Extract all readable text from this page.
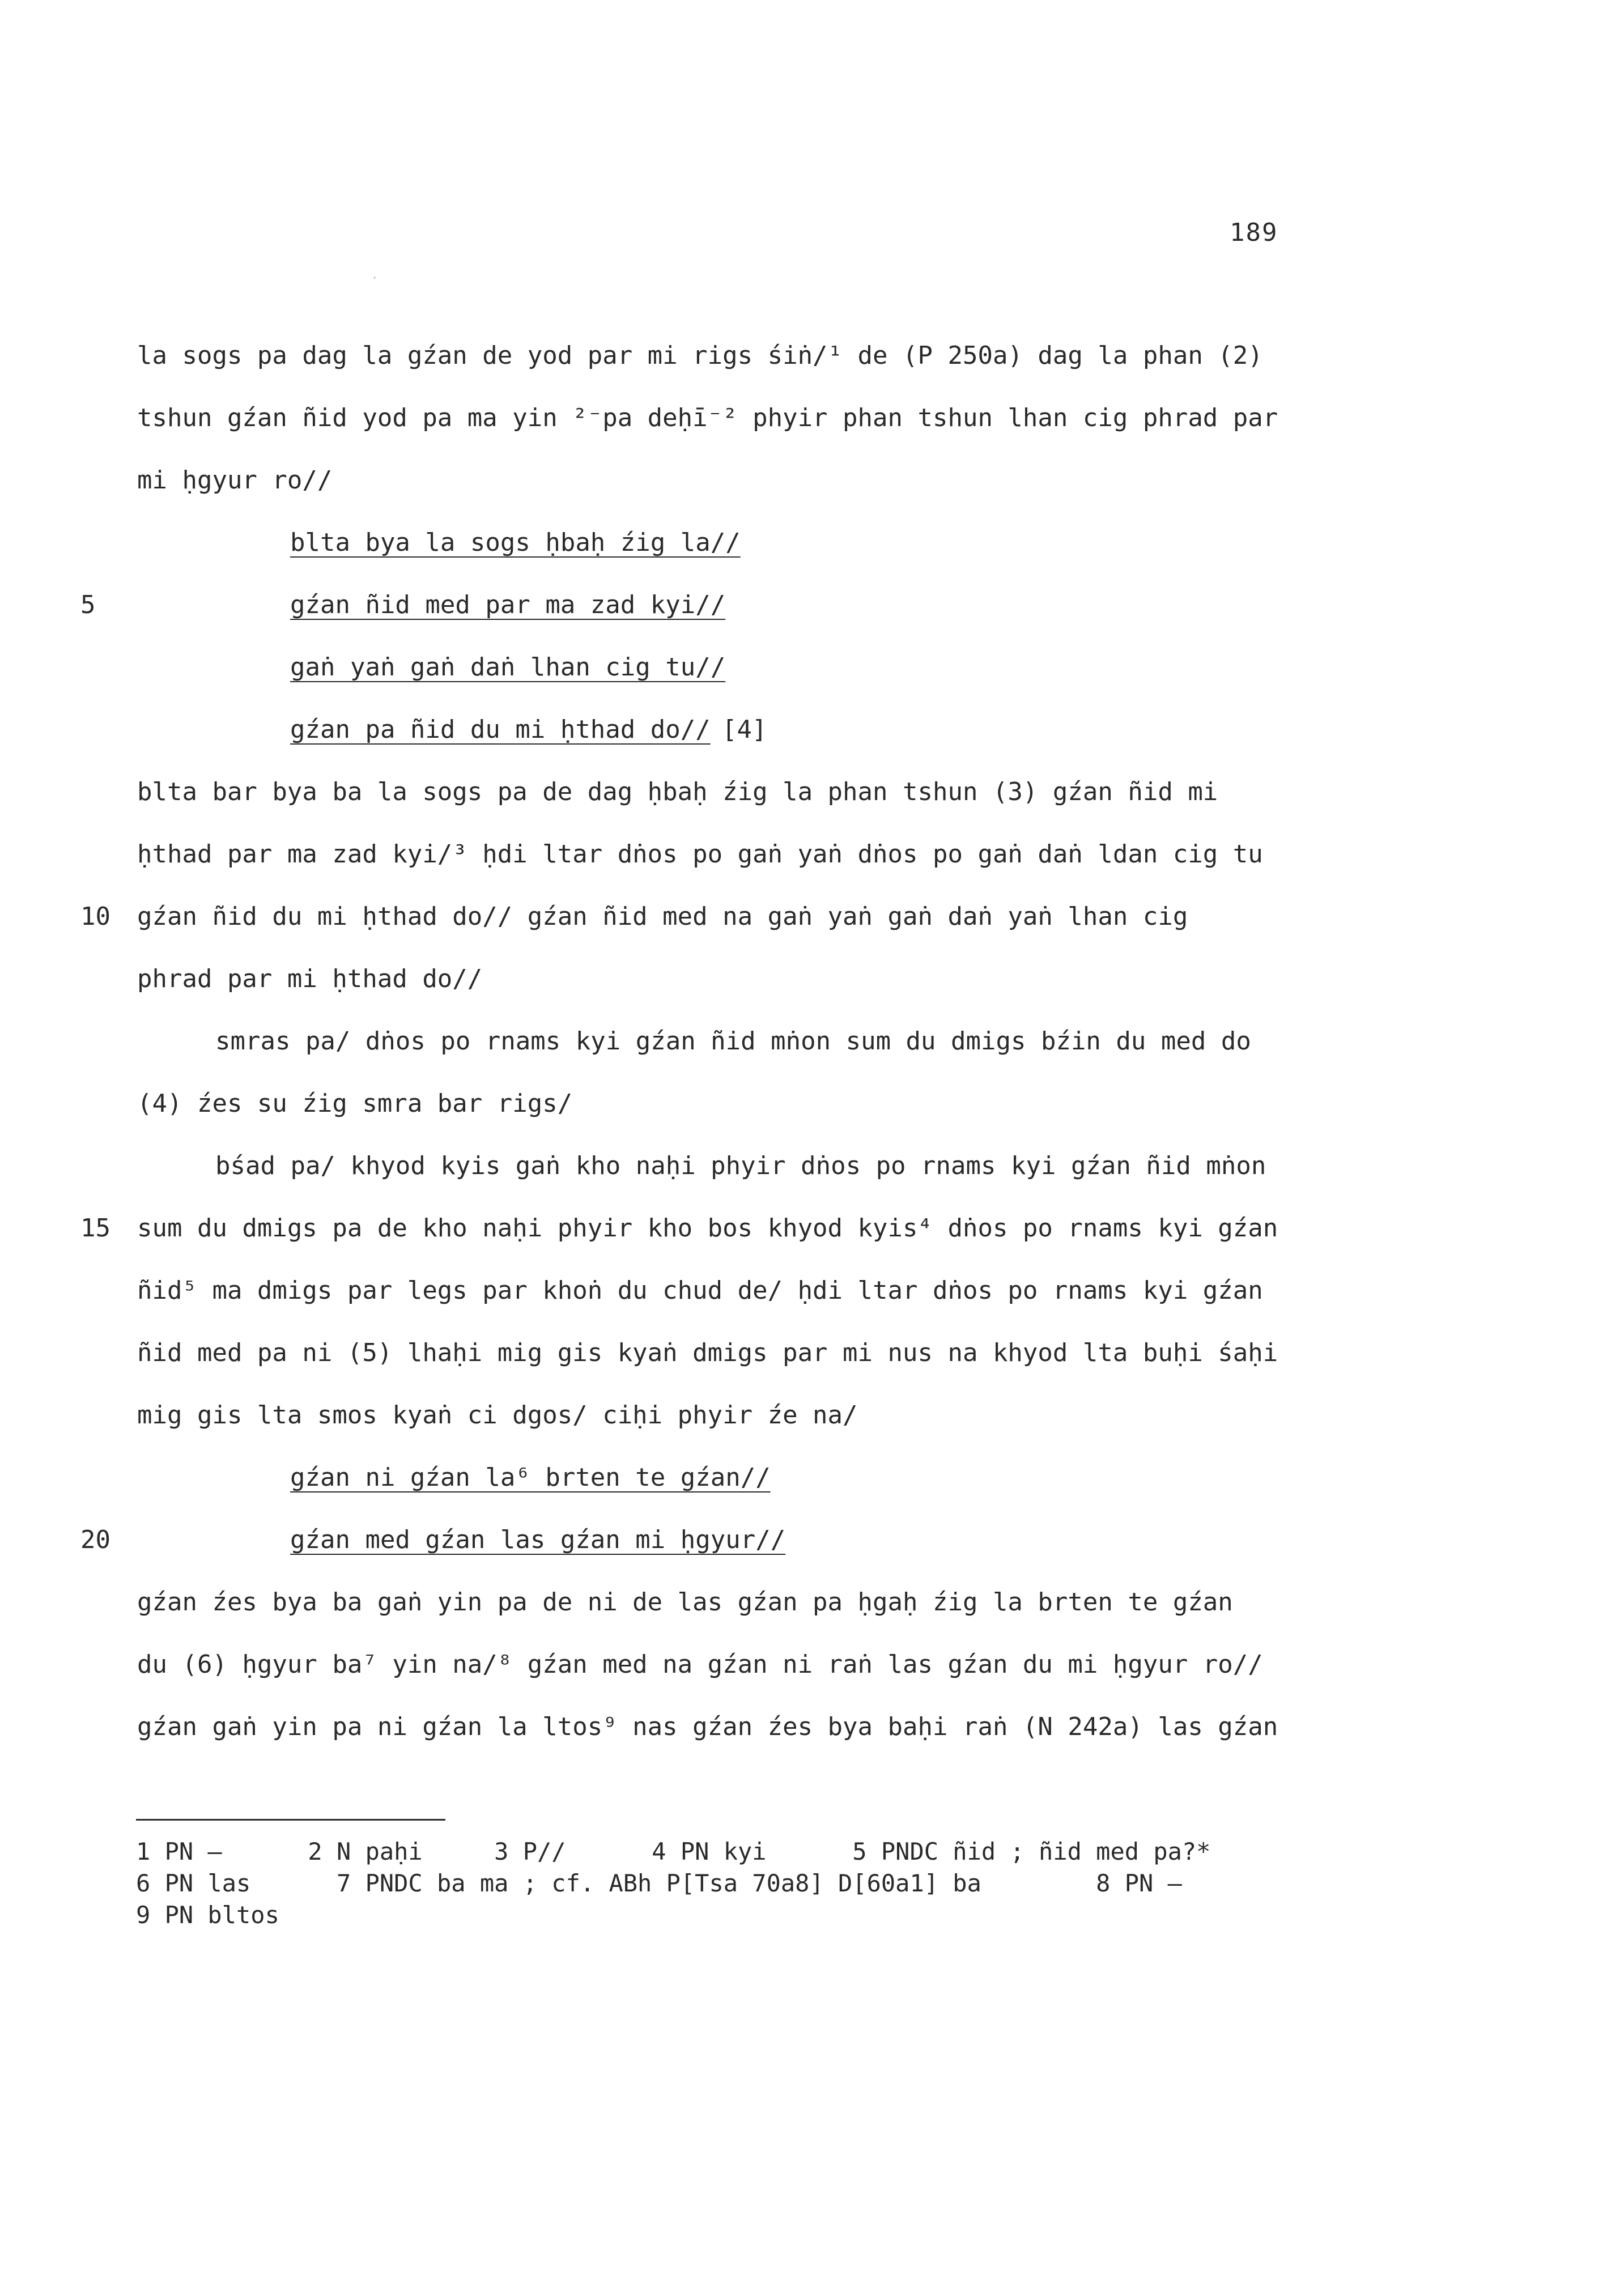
189
la sogs pa dag la gźan de yod par mi rigs śiṅ/¹ de (P 250a) dag la phan (2)
tshun gźan ñid yod pa ma yin ²⁻pa deḥī⁻² phyir phan tshun lhan cig phrad par
mi ḥgyur ro//
blta bya la sogs ḥbaḥ źig la//
5	gźan ñid med par ma zad kyi//
gaṅ yaṅ gaṅ daṅ lhan cig tu//
gźan pa ñid du mi ḥthad do// [4]
blta bar bya ba la sogs pa de dag ḥbaḥ źig la phan tshun (3) gźan ñid mi
ḥthad par ma zad kyi/³ ḥdi ltar dṅos po gaṅ yaṅ dṅos po gaṅ daṅ ldan cig tu
10	gźan ñid du mi ḥthad do// gźan ñid med na gaṅ yaṅ gaṅ daṅ yaṅ lhan cig
phrad par mi ḥthad do//
smras pa/ dṅos po rnams kyi gźan ñid mṅon sum du dmigs bźin du med do
(4) źes su źig smra bar rigs/
bśad pa/ khyod kyis gaṅ kho naḥi phyir dṅos po rnams kyi gźan ñid mṅon
15	sum du dmigs pa de kho naḥi phyir kho bos khyod kyis⁴ dṅos po rnams kyi gźan
ñid⁵ ma dmigs par legs par khoṅ du chud de/ ḥdi ltar dṅos po rnams kyi gźan
ñid med pa ni (5) lhaḥi mig gis kyaṅ dmigs par mi nus na khyod lta buḥi śaḥi
mig gis lta smos kyaṅ ci dgos/ ciḥi phyir źe na/
gźan ni gźan la⁶ brten te gźan//
20	gźan med gźan las gźan mi ḥgyur//
gźan źes bya ba gaṅ yin pa de ni de las gźan pa ḥgaḥ źig la brten te gźan
du (6) ḥgyur ba⁷ yin na/⁸ gźan med na gźan ni raṅ las gźan du mi ḥgyur ro//
gźan gaṅ yin pa ni gźan la ltos⁹ nas gźan źes bya baḥi raṅ (N 242a) las gźan
1 PN —      2 N paḥi     3 P//      4 PN kyi      5 PNDC ñid ; ñid med pa?*
6 PN las      7 PNDC ba ma ; cf. ABh P[Tsa 70a8] D[60a1] ba        8 PN —
9 PN bltos
·
